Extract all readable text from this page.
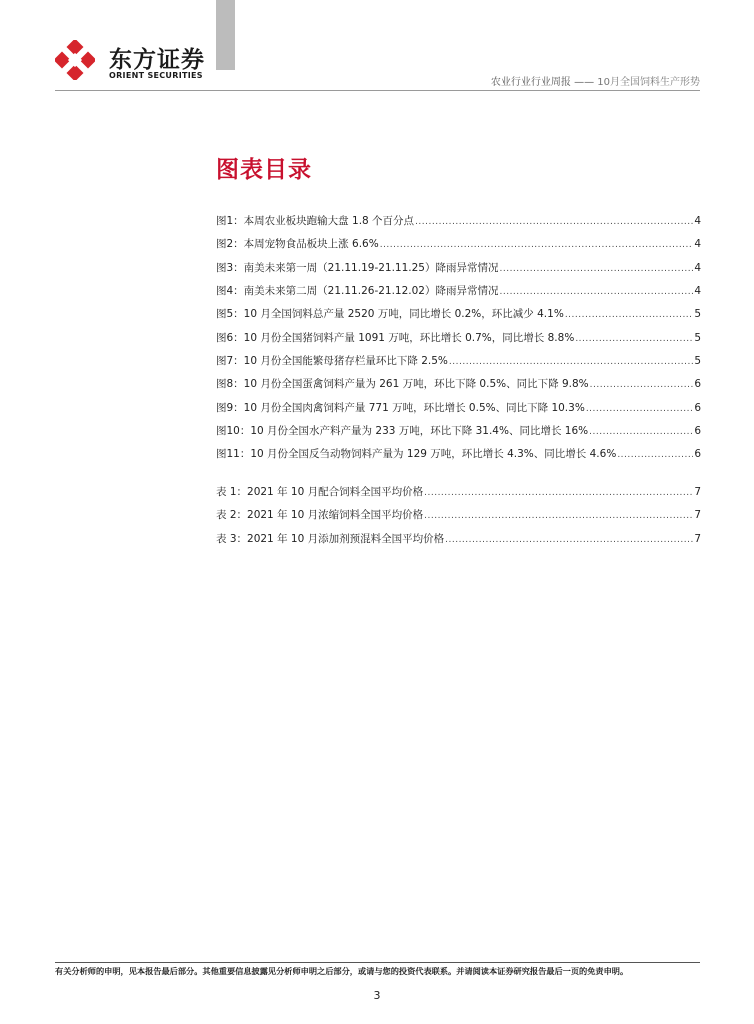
东方证券
ORIENT SECURITIES
农业行业行业周报 —— 10月全国饲料生产形势
图表目录
图1：本周农业板块跑输大盘 1.8 个百分点 .....	4
图2：本周宠物食品板块上涨 6.6% .....	4
图3：南美未来第一周（21.11.19-21.11.25）降雨异常情况 .....	4
图4：南美未来第二周（21.11.26-21.12.02）降雨异常情况 .....	4
图5：10 月全国饲料总产量 2520 万吨，同比增长 0.2%，环比减少 4.1% .....	5
图6：10 月份全国猪饲料产量 1091 万吨，环比增长 0.7%，同比增长 8.8% .....	5
图7：10 月份全国能繁母猪存栏量环比下降 2.5% .....	5
图8：10 月份全国蛋禽饲料产量为 261 万吨，环比下降 0.5%、同比下降 9.8% .....	6
图9：10 月份全国肉禽饲料产量 771 万吨，环比增长 0.5%、同比下降 10.3% .....	6
图10：10 月份全国水产料产量为 233 万吨，环比下降 31.4%、同比增长 16% .....	6
图11：10 月份全国反刍动物饲料产量为 129 万吨，环比增长 4.3%、同比增长 4.6% .....	6
表 1：2021 年 10 月配合饲料全国平均价格 .....	7
表 2：2021 年 10 月浓缩饲料全国平均价格 .....	7
表 3：2021 年 10 月添加剂预混料全国平均价格 .....	7
有关分析师的申明，见本报告最后部分。其他重要信息披露见分析师申明之后部分，或请与您的投资代表联系。并请阅读本证券研究报告最后一页的免责申明。
3
